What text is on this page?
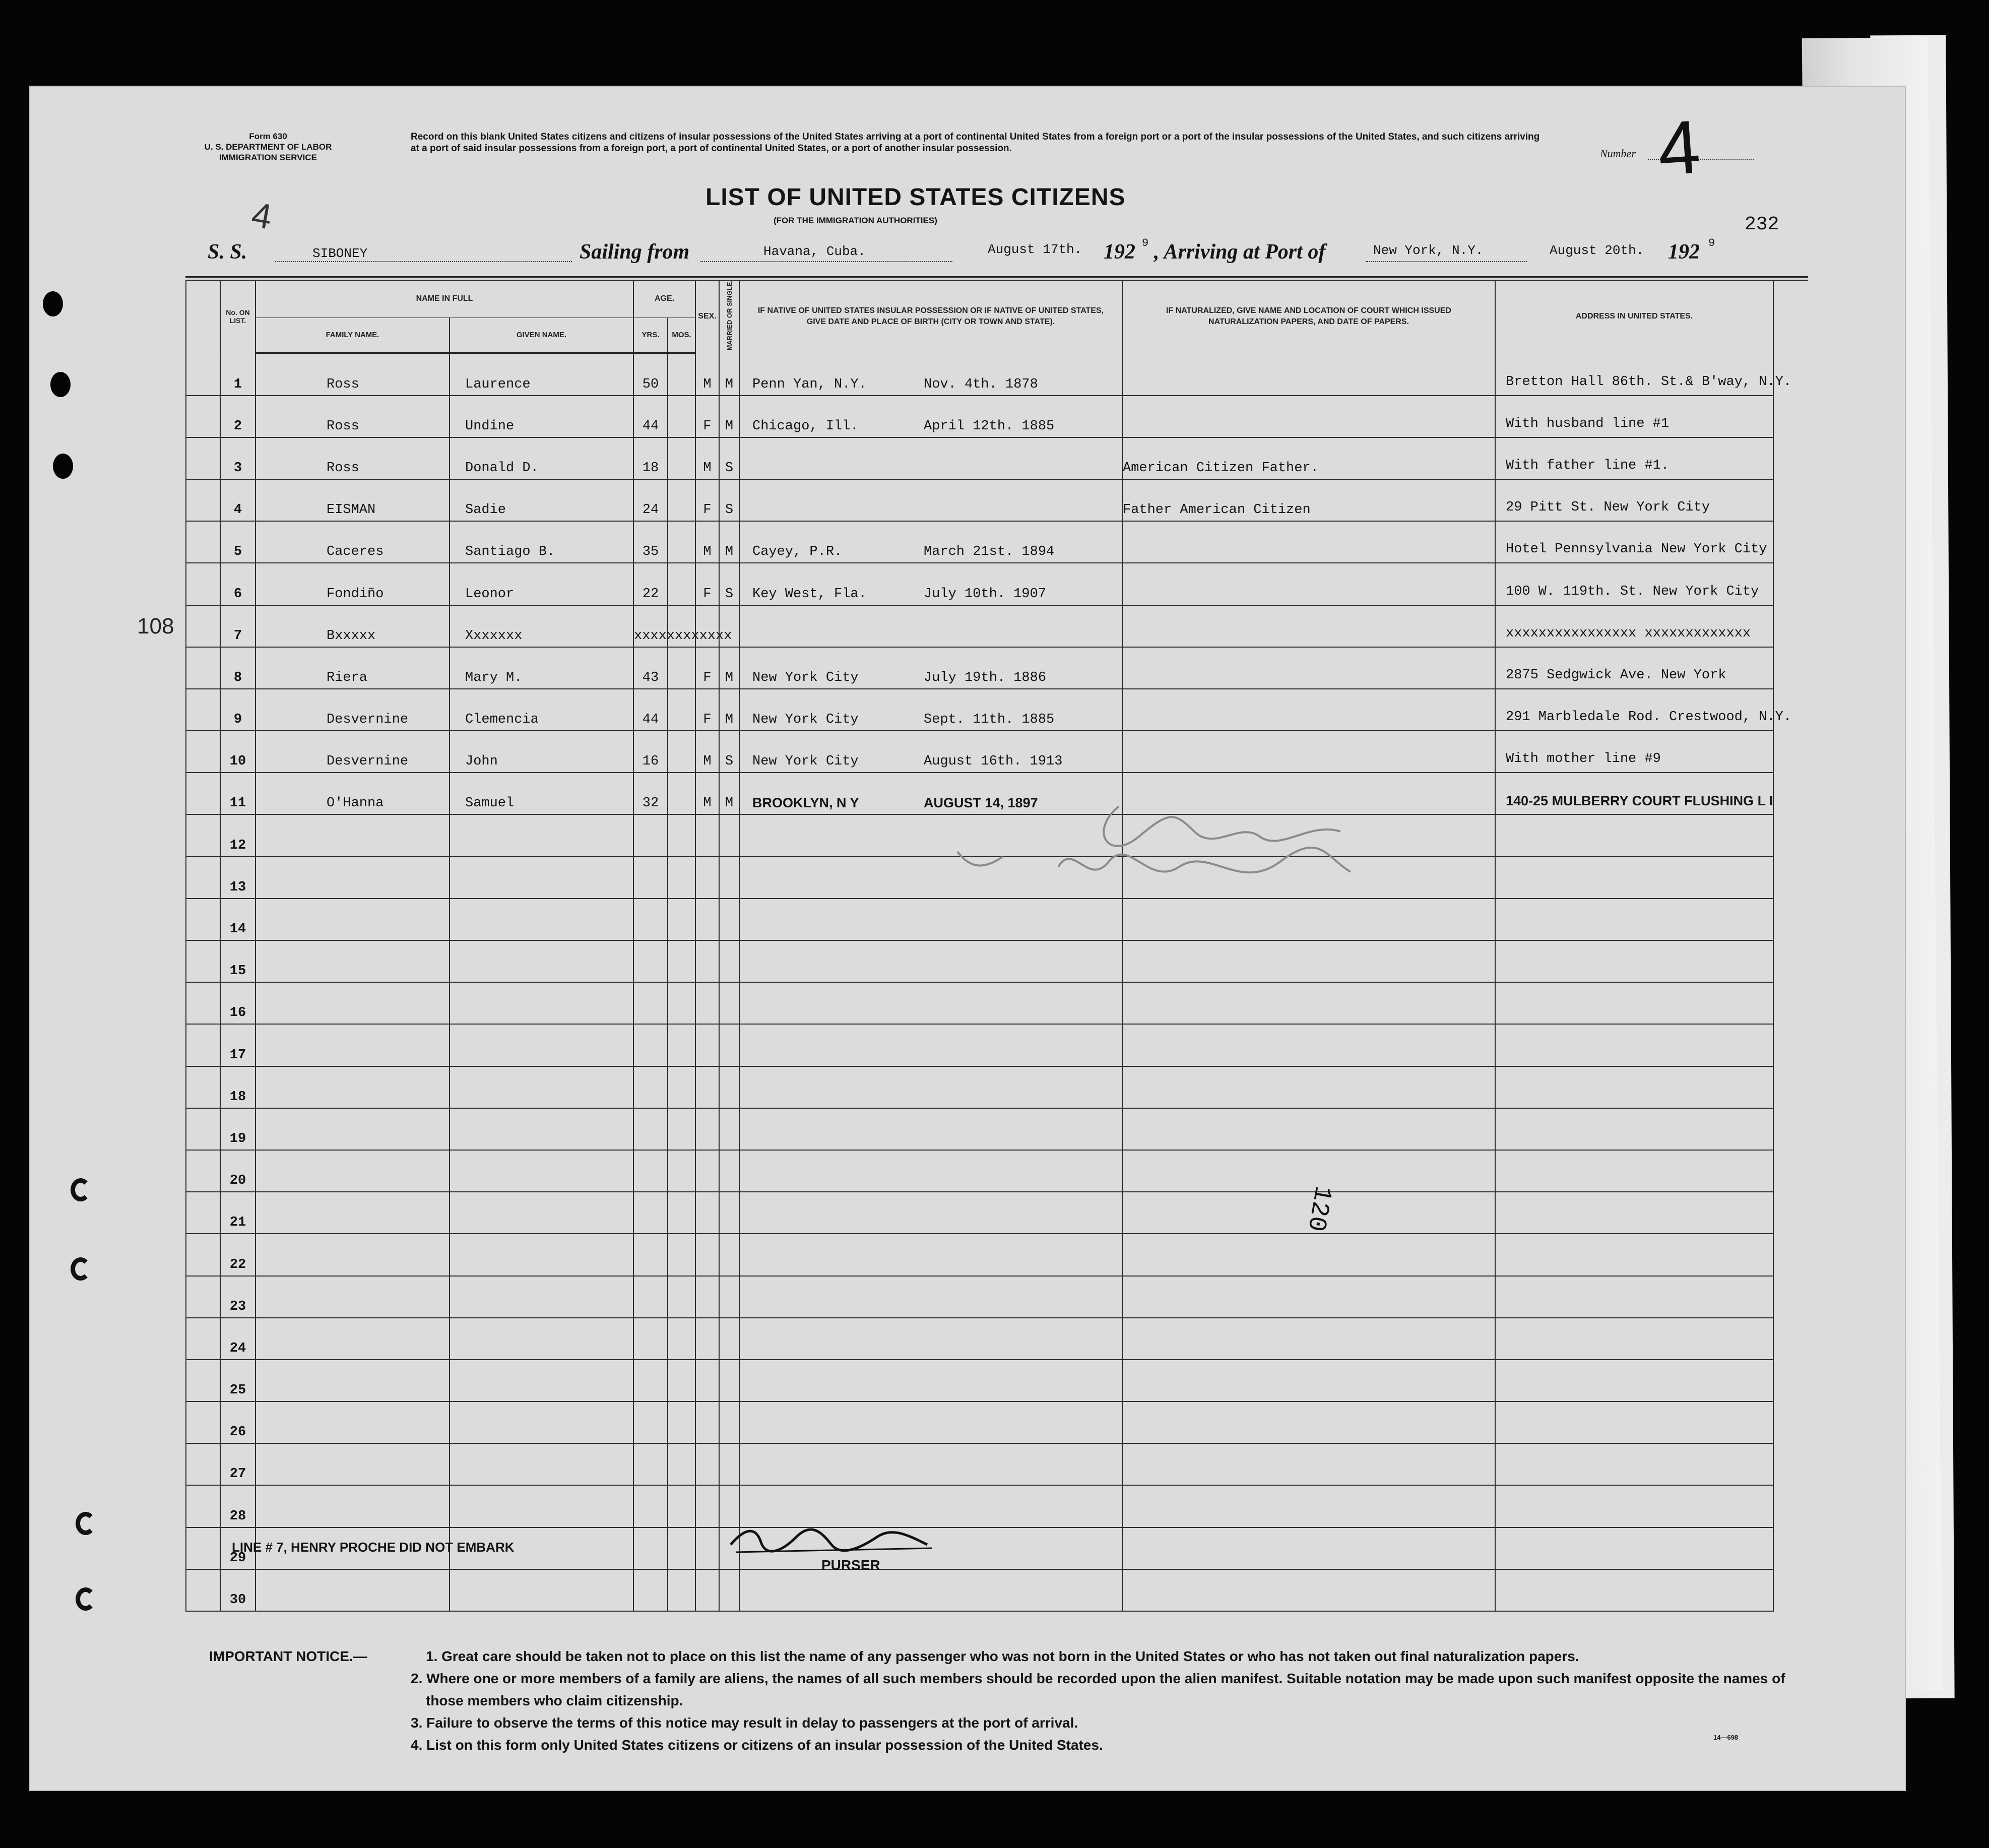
Form 630
U. S. DEPARTMENT OF LABOR
IMMIGRATION SERVICE
Record on this blank United States citizens and citizens of insular possessions of the United States arriving at a port of continental United States from a foreign port or a port of the insular possessions of the United States, and such citizens arriving at a port of said insular possessions from a foreign port, a port of continental United States, or a port of another insular possession.	Number 4
4	LIST OF UNITED STATES CITIZENS
(FOR THE IMMIGRATION AUTHORITIES)	232
S. S.	SIBONEY	Sailing from	Havana, Cuba.	August 17th. 192 9 , Arriving at Port of	New York, N.Y.	August 20th. 192 9
	No. ON LIST.	NAME IN FULL		AGE.		SEX.	MARRIED OR SINGLE.	IF NATIVE OF UNITED STATES INSULAR POSSESSION OR IF NATIVE OF UNITED STATES, GIVE DATE AND PLACE OF BIRTH (CITY OR TOWN AND STATE).	IF NATURALIZED, GIVE NAME AND LOCATION OF COURT WHICH ISSUED NATURALIZATION PAPERS, AND DATE OF PAPERS.	ADDRESS IN UNITED STATES.
		FAMILY NAME.	GIVEN NAME.	YRS.	MOS.					
	1	Ross	Laurence	50		M	M	Penn Yan, N.Y. Nov. 4th. 1878		Bretton Hall 86th. St.& B'way, N.Y.
	2	Ross	Undine	44		F	M	Chicago, Ill. April 12th. 1885		With husband line #1
	3	Ross	Donald D.	18		M	S		American Citizen Father.	With father line #1.
	4	EISMAN	Sadie	24		F	S		Father American Citizen	29 Pitt St. New York City
	5	Caceres	Santiago B.	35		M	M	Cayey, P.R. March 21st. 1894		Hotel Pennsylvania New York City
	6	Fondiño	Leonor	22		F	S	Key West, Fla. July 10th. 1907		100 W. 119th. St. New York City
	7	Bxxxxx	Xxxxxxx	xxxxxxxxxxxx						xxxxxxxxxxxxxxxx xxxxxxxxxxxxx
	8	Riera	Mary M.	43		F	M	New York City July 19th. 1886		2875 Sedgwick Ave. New York
	9	Desvernine	Clemencia	44		F	M	New York City Sept. 11th. 1885		291 Marbledale Rod. Crestwood, N.Y.
	10	Desvernine	John	16		M	S	New York City August 16th. 1913		With mother line #9
	11	O'Hanna	Samuel	32		M	M	BROOKLYN, N Y AUGUST 14, 1897		140-25 MULBERRY COURT FLUSHING L I
	12							

	13							

	14							

	15							

	16							

	17							

	18							

	19							

	20							

	21							

	22							

	23							

	24							

	25							

	26							

	27							

	28							

	29							

	30							

LINE # 7, HENRY PROCHE DID NOT EMBARK
PURSER
120
108
IMPORTANT NOTICE.—	1. Great care should be taken not to place on this list the name of any passenger who was not born in the United States or who has not taken out final naturalization papers.
2. Where one or more members of a family are aliens, the names of all such members should be recorded upon the alien manifest. Suitable notation may be made upon such manifest opposite the names of those members who claim citizenship.
3. Failure to observe the terms of this notice may result in delay to passengers at the port of arrival.
4. List on this form only United States citizens or citizens of an insular possession of the United States.	14—698
